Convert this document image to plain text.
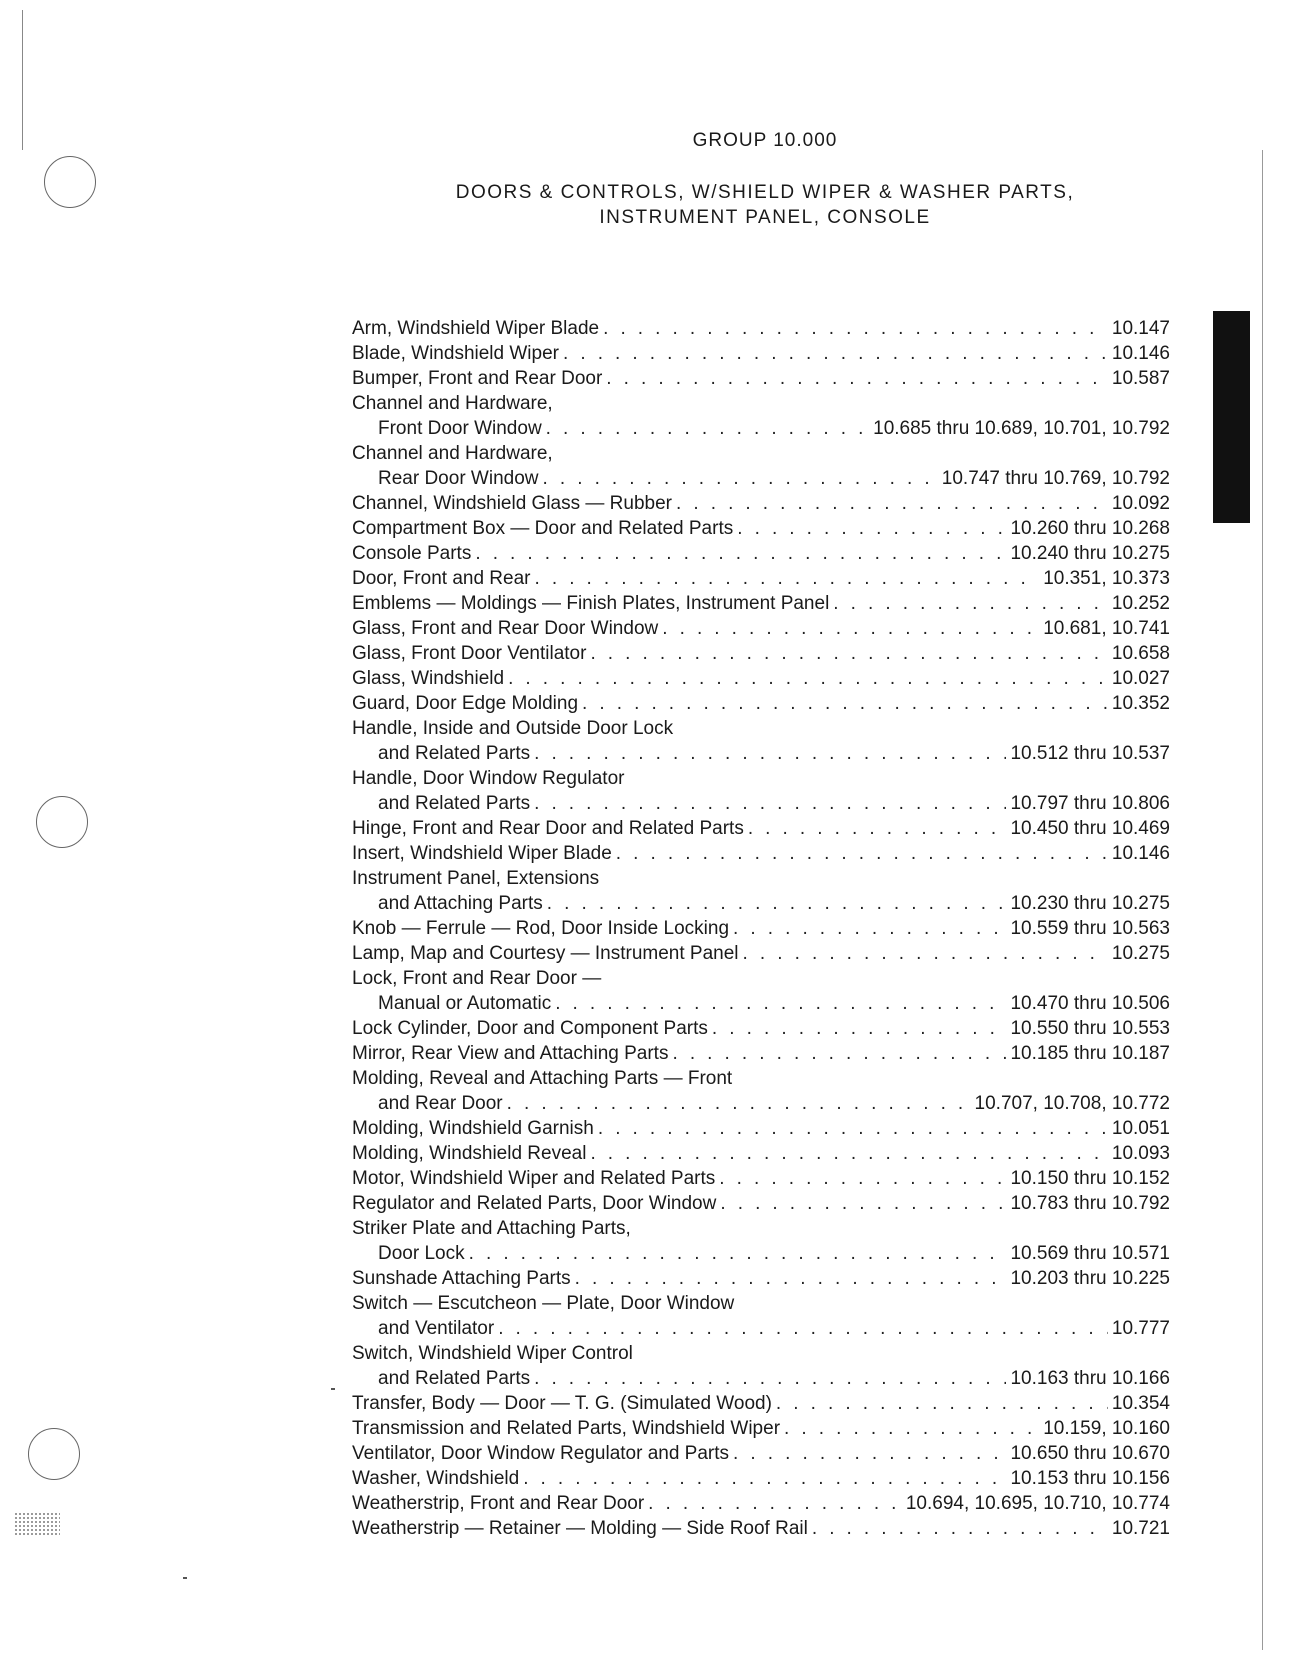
GROUP 10.000
DOORS & CONTROLS, W/SHIELD WIPER & WASHER PARTS,
INSTRUMENT PANEL, CONSOLE
Arm, Windshield Wiper Blade . . .	10.147
Blade, Windshield Wiper . . .	10.146
Bumper, Front and Rear Door . . .	10.587
Channel and Hardware,
Front Door Window . . .	10.685 thru 10.689, 10.701, 10.792
Channel and Hardware,
Rear Door Window . . .	10.747 thru 10.769, 10.792
Channel, Windshield Glass — Rubber . . .	10.092
Compartment Box — Door and Related Parts . . .	10.260 thru 10.268
Console Parts . . .	10.240 thru 10.275
Door, Front and Rear . . .	10.351, 10.373
Emblems — Moldings — Finish Plates, Instrument Panel . . .	10.252
Glass, Front and Rear Door Window . . .	10.681, 10.741
Glass, Front Door Ventilator . . .	10.658
Glass, Windshield . . .	10.027
Guard, Door Edge Molding . . .	10.352
Handle, Inside and Outside Door Lock
and Related Parts . . .	10.512 thru 10.537
Handle, Door Window Regulator
and Related Parts . . .	10.797 thru 10.806
Hinge, Front and Rear Door and Related Parts . . .	10.450 thru 10.469
Insert, Windshield Wiper Blade . . .	10.146
Instrument Panel, Extensions
and Attaching Parts . . .	10.230 thru 10.275
Knob — Ferrule — Rod, Door Inside Locking . . .	10.559 thru 10.563
Lamp, Map and Courtesy — Instrument Panel . . .	10.275
Lock, Front and Rear Door —
Manual or Automatic . . .	10.470 thru 10.506
Lock Cylinder, Door and Component Parts . . .	10.550 thru 10.553
Mirror, Rear View and Attaching Parts . . .	10.185 thru 10.187
Molding, Reveal and Attaching Parts — Front
and Rear Door . . .	10.707, 10.708, 10.772
Molding, Windshield Garnish . . .	10.051
Molding, Windshield Reveal . . .	10.093
Motor, Windshield Wiper and Related Parts . . .	10.150 thru 10.152
Regulator and Related Parts, Door Window . . .	10.783 thru 10.792
Striker Plate and Attaching Parts,
Door Lock . . .	10.569 thru 10.571
Sunshade Attaching Parts . . .	10.203 thru 10.225
Switch — Escutcheon — Plate, Door Window
and Ventilator . . .	10.777
Switch, Windshield Wiper Control
and Related Parts . . .	10.163 thru 10.166
Transfer, Body — Door — T. G. (Simulated Wood) . . .	10.354
Transmission and Related Parts, Windshield Wiper . . .	10.159, 10.160
Ventilator, Door Window Regulator and Parts . . .	10.650 thru 10.670
Washer, Windshield . . .	10.153 thru 10.156
Weatherstrip, Front and Rear Door . . .	10.694, 10.695, 10.710, 10.774
Weatherstrip — Retainer — Molding — Side Roof Rail . . .	10.721
